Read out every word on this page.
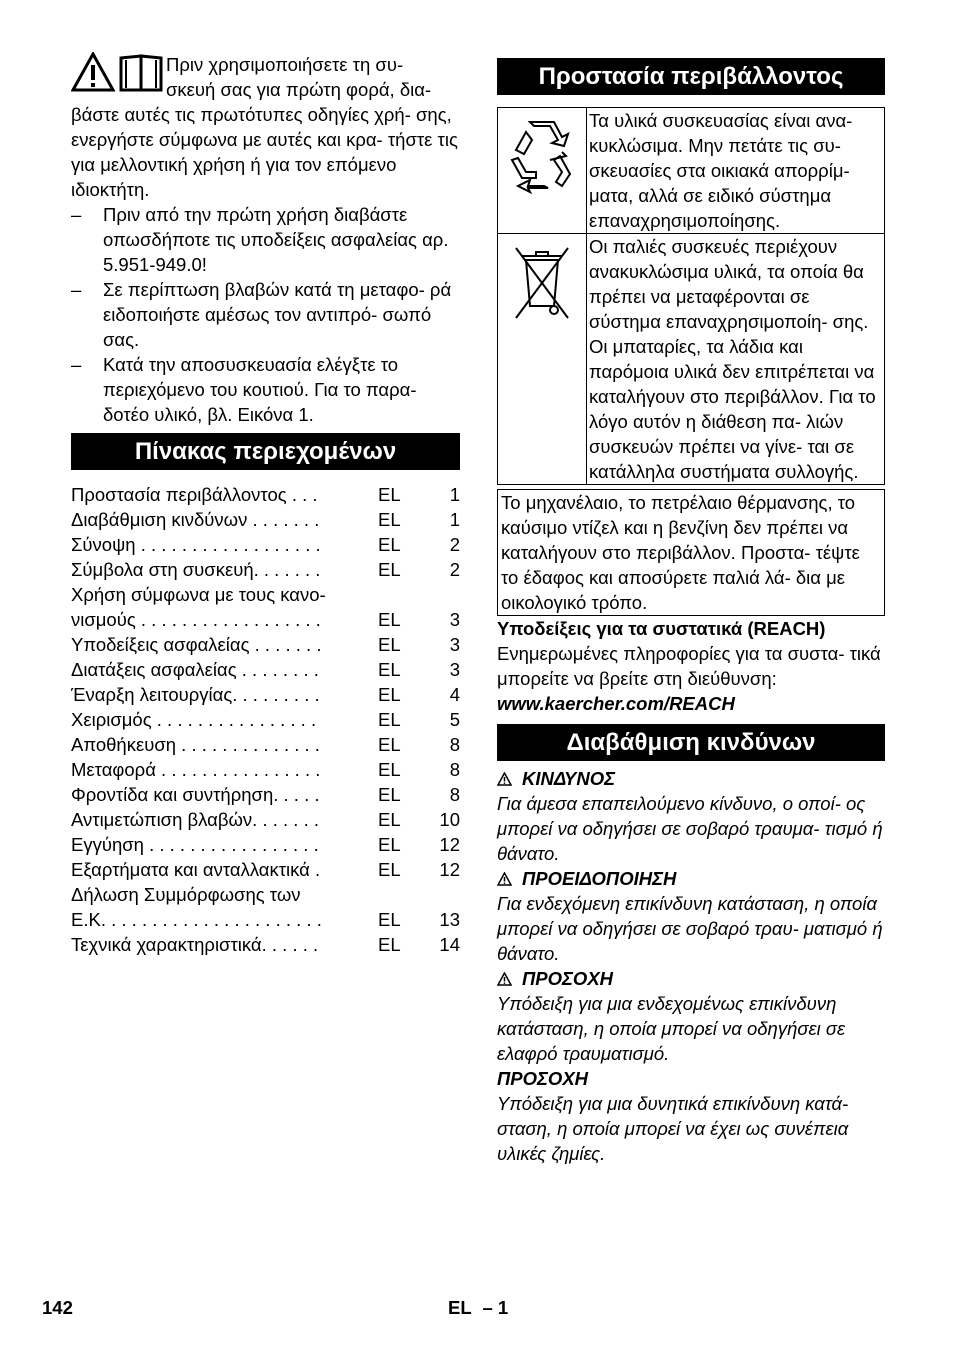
Πριν χρησιμοποιήσετε τη συ-
σκευή σας για πρώτη φορά, δια-
βάστε αυτές τις πρωτότυπες οδηγίες χρή- σης, ενεργήστε σύμφωνα με αυτές και κρα- τήστε τις για μελλοντική χρήση ή για τον επόμενο ιδιοκτήτη.
– Πριν από την πρώτη χρήση διαβάστε οπωσδήποτε τις υποδείξεις ασφαλείας αρ. 5.951-949.0!
– Σε περίπτωση βλαβών κατά τη μεταφο- ρά ειδοποιήστε αμέσως τον αντιπρό- σωπό σας.
– Κατά την αποσυσκευασία ελέγξτε το περιεχόμενο του κουτιού. Για το παρα- δοτέο υλικό, βλ. Εικόνα 1.
Πίνακας περιεχομένων
Προστασία περιβάλλοντος . . .	EL	1
Διαβάθμιση κινδύνων . . . . . . .	EL	1
Σύνοψη . . . . . . . . . . . . . . . . . .	EL	2
Σύμβολα στη συσκευή. . . . . . .	EL	2
Χρήση σύμφωνα με τους κανο-
νισμούς . . . . . . . . . . . . . . . . . .	EL	3
Υποδείξεις ασφαλείας . . . . . . .	EL	3
Διατάξεις ασφαλείας . . . . . . . .	EL	3
Έναρξη λειτουργίας. . . . . . . . .	EL	4
Χειρισμός . . . . . . . . . . . . . . . .	EL	5
Αποθήκευση . . . . . . . . . . . . . .	EL	8
Μεταφορά . . . . . . . . . . . . . . . .	EL	8
Φροντίδα και συντήρηση. . . . .	EL	8
Αντιμετώπιση βλαβών. . . . . . .	EL	10
Εγγύηση . . . . . . . . . . . . . . . . .	EL	12
Εξαρτήματα και ανταλλακτικά .	EL	12
Δήλωση Συμμόρφωσης των
Ε.Κ. . . . . . . . . . . . . . . . . . . . . .	EL	13
Τεχνικά χαρακτηριστικά. . . . . .	EL	14
Προστασία περιβάλλοντος
	Τα υλικά συσκευασίας είναι ανα- κυκλώσιμα. Μην πετάτε τις συ- σκευασίες στα οικιακά απορρίμ- ματα, αλλά σε ειδικό σύστημα επαναχρησιμοποίησης.
	Οι παλιές συσκευές περιέχουν ανακυκλώσιμα υλικά, τα οποία θα πρέπει να μεταφέρονται σε σύστημα επαναχρησιμοποίη- σης. Οι μπαταρίες, τα λάδια και παρόμοια υλικά δεν επιτρέπεται να καταλήγουν στο περιβάλλον. Για το λόγο αυτόν η διάθεση πα- λιών συσκευών πρέπει να γίνε- ται σε κατάλληλα συστήματα συλλογής.
Το μηχανέλαιο, το πετρέλαιο θέρμανσης, το καύσιμο ντίζελ και η βενζίνη δεν πρέπει να καταλήγουν στο περιβάλλον. Προστα- τέψτε το έδαφος και αποσύρετε παλιά λά- δια με οικολογικό τρόπο.
Υποδείξεις για τα συστατικά (REACH)
Ενημερωμένες πληροφορίες για τα συστα- τικά μπορείτε να βρείτε στη διεύθυνση:
www.kaercher.com/REACH
Διαβάθμιση κινδύνων
ΚΙΝΔΥΝΟΣ
Για άμεσα επαπειλούμενο κίνδυνο, ο οποί- ος μπορεί να οδηγήσει σε σοβαρό τραυμα- τισμό ή θάνατο.
ΠΡΟΕΙΔΟΠΟΙΗΣΗ
Για ενδεχόμενη επικίνδυνη κατάσταση, η οποία μπορεί να οδηγήσει σε σοβαρό τραυ- ματισμό ή θάνατο.
ΠΡΟΣΟΧΗ
Υπόδειξη για μια ενδεχομένως επικίνδυνη κατάσταση, η οποία μπορεί να οδηγήσει σε ελαφρό τραυματισμό.
ΠΡΟΣΟΧΗ
Υπόδειξη για μια δυνητικά επικίνδυνη κατά- σταση, η οποία μπορεί να έχει ως συνέπεια υλικές ζημίες.
142	EL – 1
